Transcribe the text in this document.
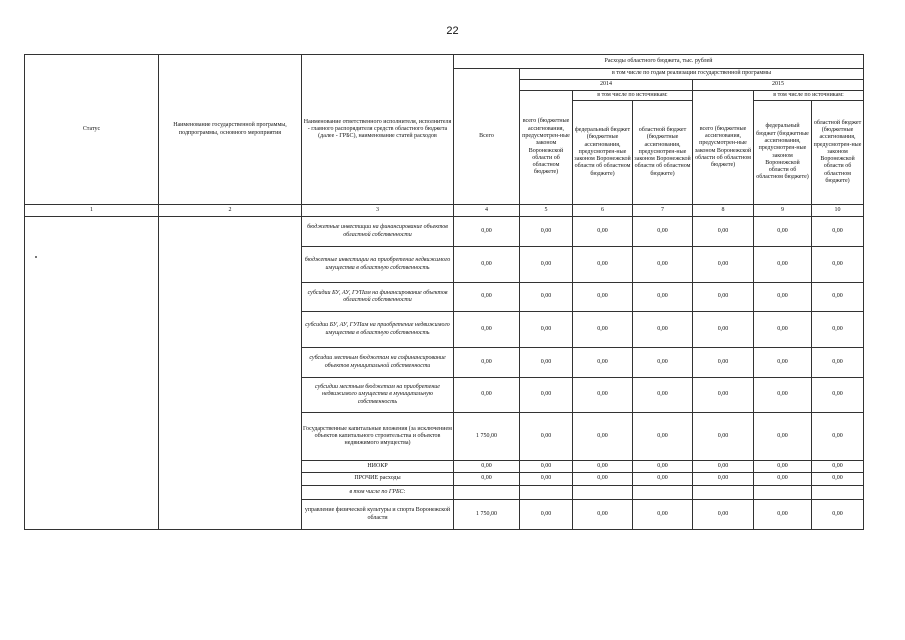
22
Статус	Наименование государственной программы, подпрограммы, основного мероприятия	Наименование ответственного исполнителя, исполнителя - главного распорядителя средств областного бюджета (далее - ГРБС), наименование статей расходов	Расходы областного бюджета, тыс. рублей						
			Всего	в том числе по годам реализации государственной программы					
				2014			2015		
				всего (бюджетные ассигнования, предусмотрен-ные законом Воронежской области об областном бюджете)	в том числе по источникам:		всего (бюджетные ассигнования, предусмотрен-ные законом Воронежской области об областном бюджете)	в том числе по источникам:	
					федеральный бюджет (бюджетные ассигнования, предусмотрен-ные законом Воронежской области об областном бюджете)	областной бюджет (бюджетные ассигнования, предусмотрен-ные законом Воронежской области об областном бюджете)		федеральный бюджет (бюджетные ассигнования, предусмотрен-ные законом Воронежской области об областном бюджете)	областной бюджет (бюджетные ассигнования, предусмотрен-ные законом Воронежской области об областном бюджете)
1	2	3	4	5	6	7	8	9	10
		бюджетные инвестиции на финансирование объектов областной собственности	0,00	0,00	0,00	0,00	0,00	0,00	0,00
		бюджетные инвестиции на приобретение недвижимого имущества в областную собственность	0,00	0,00	0,00	0,00	0,00	0,00	0,00
		субсидии БУ, АУ, ГУПам на финансирование объектов областной собственности	0,00	0,00	0,00	0,00	0,00	0,00	0,00
		субсидии БУ, АУ, ГУПам на приобретение недвижимого имущества в областную собственность	0,00	0,00	0,00	0,00	0,00	0,00	0,00
		субсидии местным бюджетам на софинансирование объектов муниципальной собственности	0,00	0,00	0,00	0,00	0,00	0,00	0,00
		субсидии местным бюджетам на приобретение недвижимого имущества в муниципальную собственность	0,00	0,00	0,00	0,00	0,00	0,00	0,00
		Государственные капитальные вложения (за исключением объектов капитального строительства и объектов недвижимого имущества)	1 750,00	0,00	0,00	0,00	0,00	0,00	0,00
		НИОКР	0,00	0,00	0,00	0,00	0,00	0,00	0,00
		ПРОЧИЕ расходы	0,00	0,00	0,00	0,00	0,00	0,00	0,00
		в том числе по ГРБС:							
		управление физической культуры и спорта Воронежской области	1 750,00	0,00	0,00	0,00	0,00	0,00	0,00
